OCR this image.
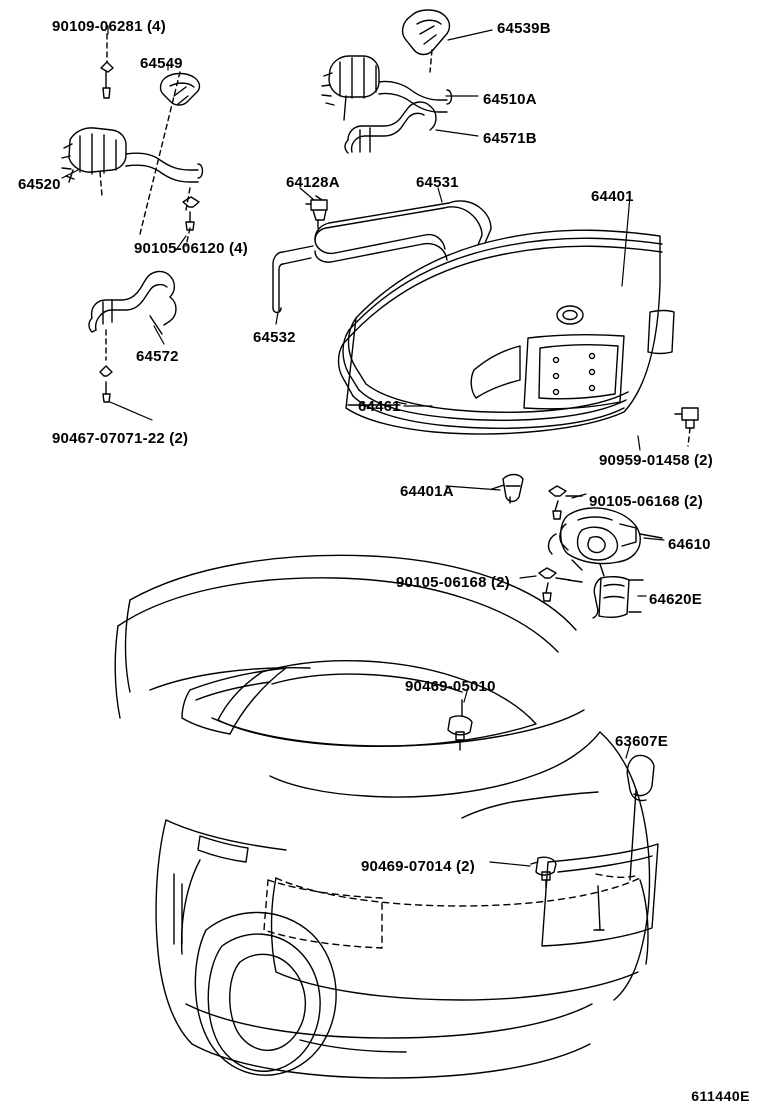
90109-06281 (4)
64549
64539B
64510A
64571B
64520	64128A	64531
64401
90105-06120 (4)
64532
64572
64461
90467-07071-22 (2)
90959-01458 (2)
64401A
90105-06168 (2)
64610
90105-06168 (2)
64620E
90469-05010
63607E
90469-07014 (2)
611440E
